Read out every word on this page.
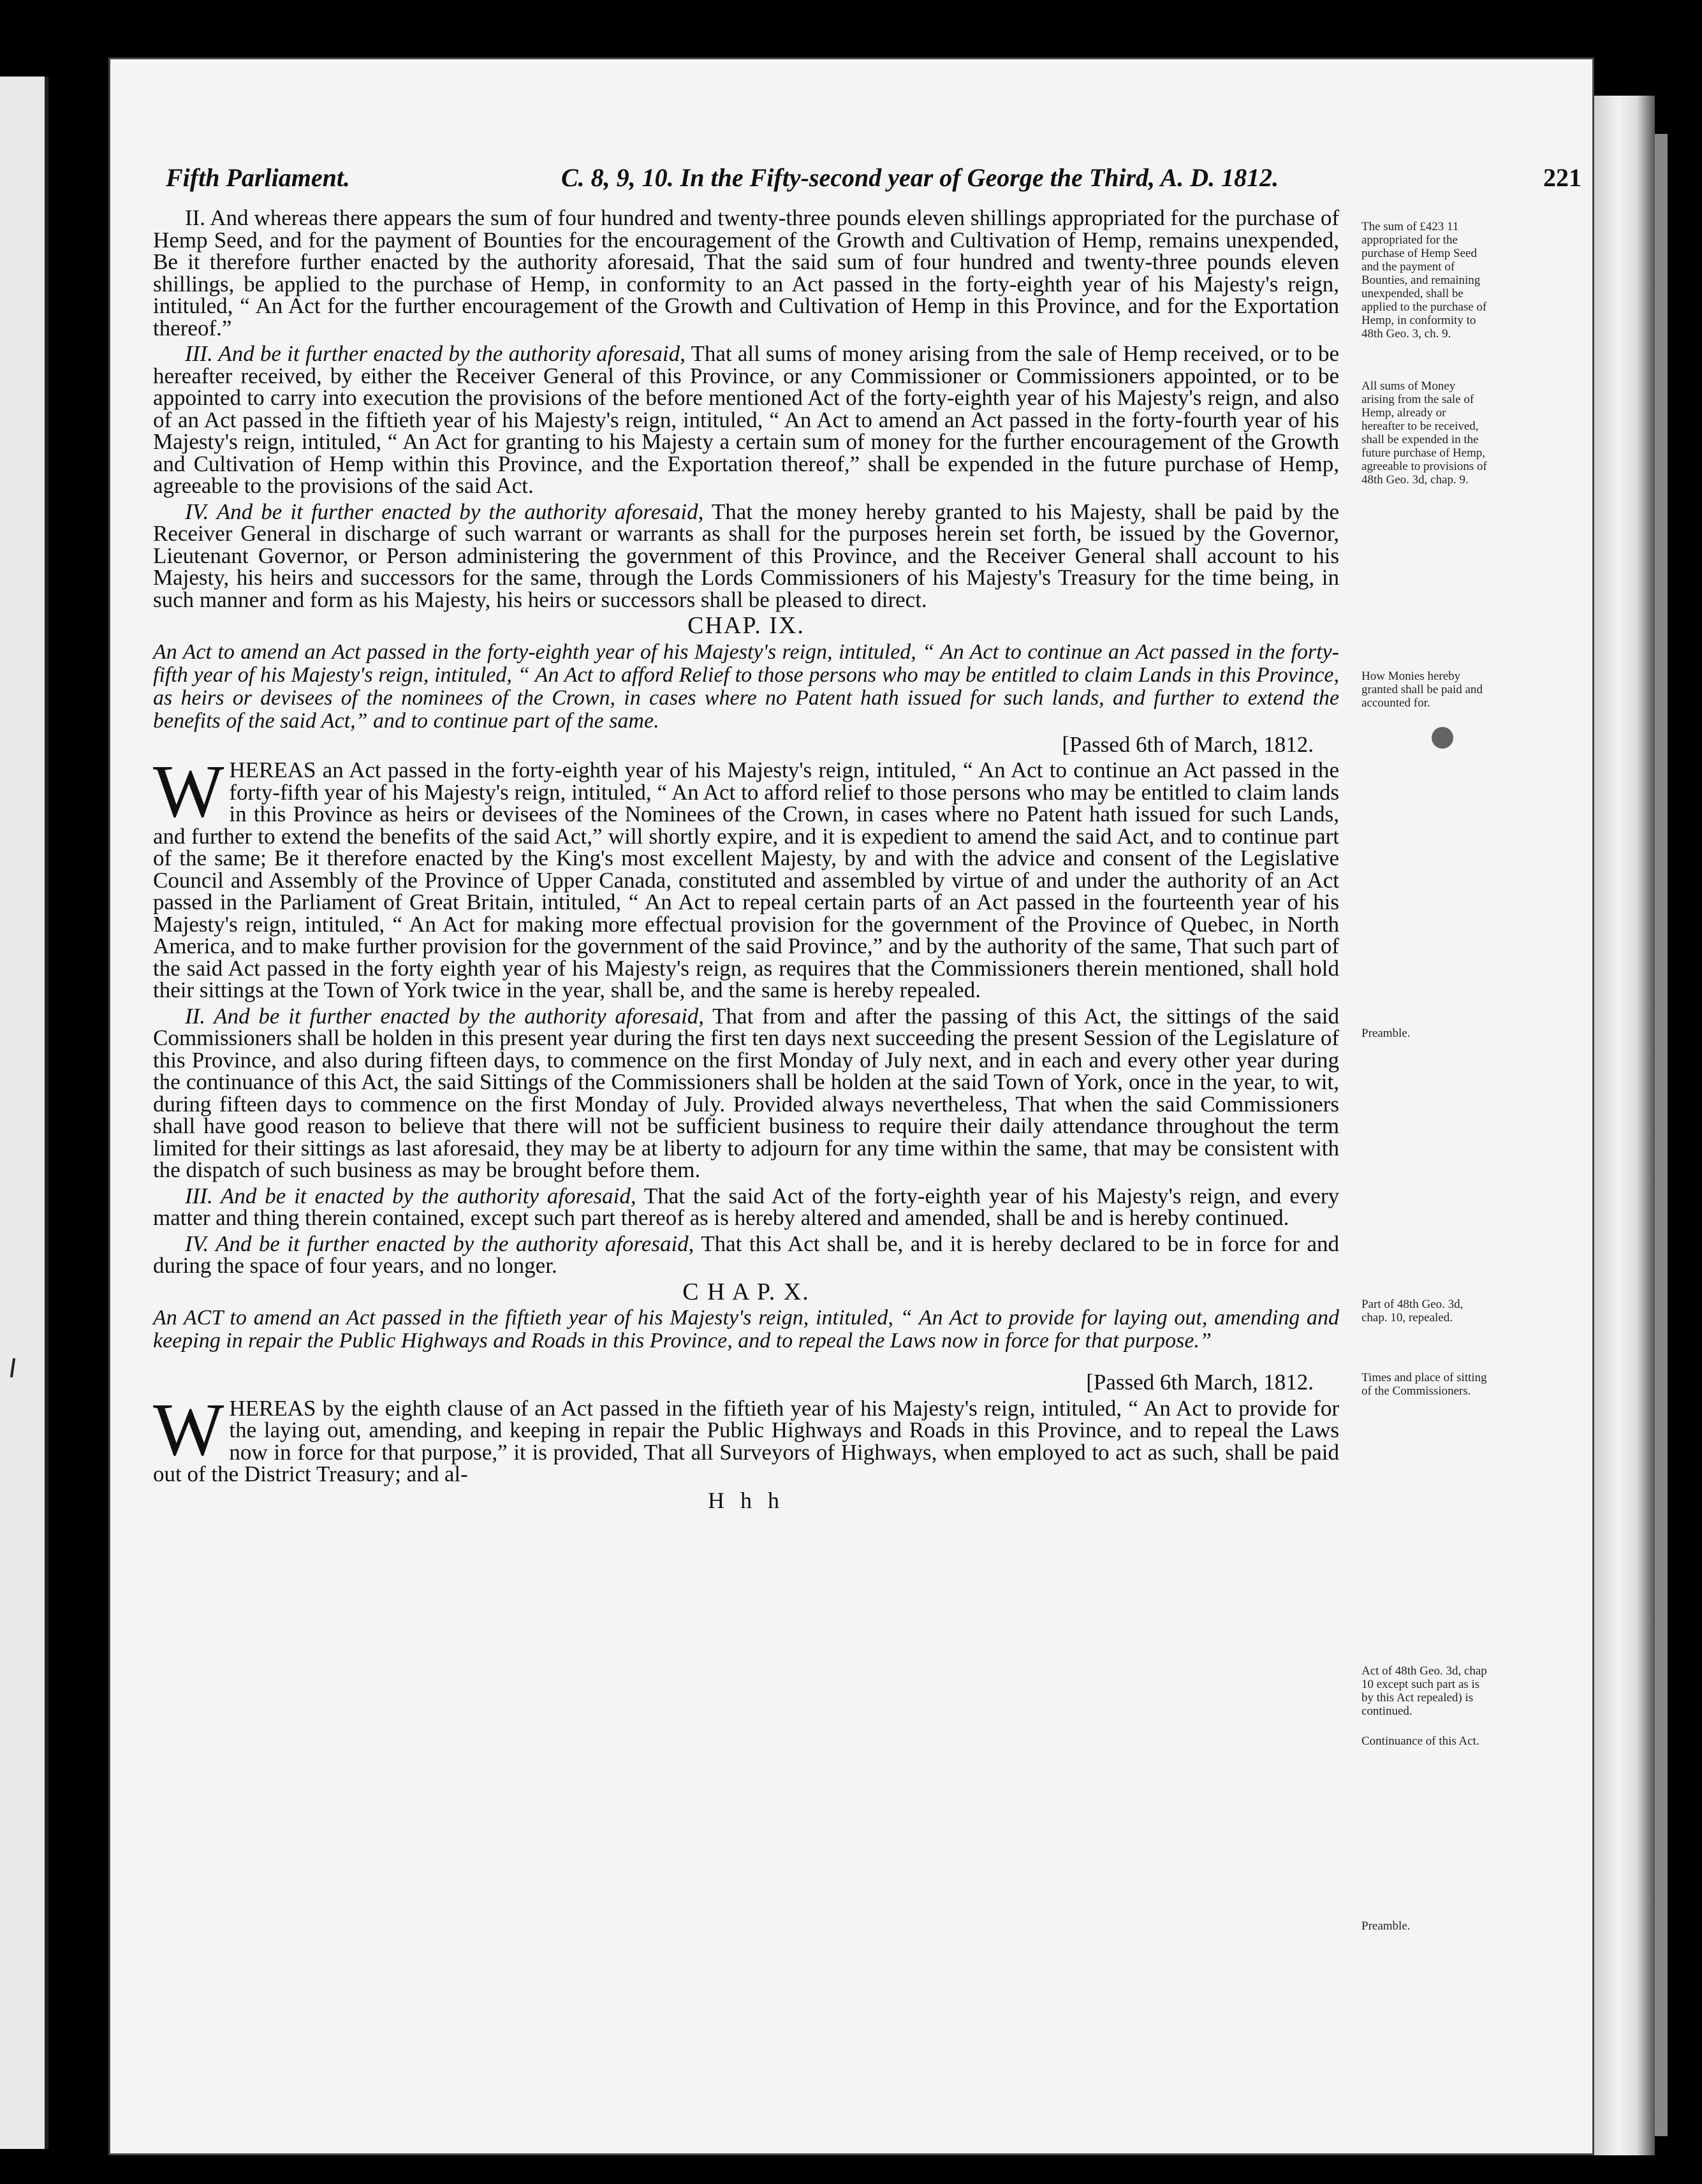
Fifth Parliament.	C. 8, 9, 10. In the Fifty-second year of George the Third, A. D. 1812.	221

II. And whereas there appears the sum of four hundred and twenty-three pounds eleven shillings appropriated for the purchase of Hemp Seed, and for the payment of Bounties for the encouragement of the Growth and Cultivation of Hemp, remains unexpended, Be it therefore further enacted by the authority aforesaid, That the said sum of four hundred and twenty-three pounds eleven shillings, be applied to the purchase of Hemp, in conformity to an Act passed in the forty-eighth year of his Majesty's reign, intituled, “ An Act for the further encouragement of the Growth and Cultivation of Hemp in this Province, and for the Exportation thereof.”

III. And be it further enacted by the authority aforesaid, That all sums of money arising from the sale of Hemp received, or to be hereafter received, by either the Receiver General of this Province, or any Commissioner or Commissioners appointed, or to be appointed to carry into execution the provisions of the before mentioned Act of the forty-eighth year of his Majesty's reign, and also of an Act passed in the fiftieth year of his Majesty's reign, intituled, “ An Act to amend an Act passed in the forty-fourth year of his Majesty's reign, intituled, “ An Act for granting to his Majesty a certain sum of money for the further encouragement of the Growth and Cultivation of Hemp within this Province, and the Exportation thereof,” shall be expended in the future purchase of Hemp, agreeable to the provisions of the said Act.

IV. And be it further enacted by the authority aforesaid, That the money hereby granted to his Majesty, shall be paid by the Receiver General in discharge of such warrant or warrants as shall for the purposes herein set forth, be issued by the Governor, Lieutenant Governor, or Person administering the government of this Province, and the Receiver General shall account to his Majesty, his heirs and successors for the same, through the Lords Commissioners of his Majesty's Treasury for the time being, in such manner and form as his Majesty, his heirs or successors shall be pleased to direct.

CHAP. IX.
An Act to amend an Act passed in the forty-eighth year of his Majesty's reign, intituled, “ An Act to continue an Act passed in the forty-fifth year of his Majesty's reign, intituled, “ An Act to afford Relief to those persons who may be entitled to claim Lands in this Province, as heirs or devisees of the nominees of the Crown, in cases where no Patent hath issued for such lands, and further to extend the benefits of the said Act,” and to continue part of the same.
[Passed 6th of March, 1812.

WHEREAS an Act passed in the forty-eighth year of his Majesty's reign, intituled, “ An Act to continue an Act passed in the forty-fifth year of his Majesty's reign, intituled, “ An Act to afford relief to those persons who may be entitled to claim lands in this Province as heirs or devisees of the Nominees of the Crown, in cases where no Patent hath issued for such Lands, and further to extend the benefits of the said Act,” will shortly expire, and it is expedient to amend the said Act, and to continue part of the same; Be it therefore enacted by the King's most excellent Majesty, by and with the advice and consent of the Legislative Council and Assembly of the Province of Upper Canada, constituted and assembled by virtue of and under the authority of an Act passed in the Parliament of Great Britain, intituled, “ An Act to repeal certain parts of an Act passed in the fourteenth year of his Majesty's reign, intituled, “ An Act for making more effectual provision for the government of the Province of Quebec, in North America, and to make further provision for the government of the said Province,” and by the authority of the same, That such part of the said Act passed in the forty eighth year of his Majesty's reign, as requires that the Commissioners therein mentioned, shall hold their sittings at the Town of York twice in the year, shall be, and the same is hereby repealed.

II. And be it further enacted by the authority aforesaid, That from and after the passing of this Act, the sittings of the said Commissioners shall be holden in this present year during the first ten days next succeeding the present Session of the Legislature of this Province, and also during fifteen days, to commence on the first Monday of July next, and in each and every other year during the continuance of this Act, the said Sittings of the Commissioners shall be holden at the said Town of York, once in the year, to wit, during fifteen days to commence on the first Monday of July. Provided always nevertheless, That when the said Commissioners shall have good reason to believe that there will not be sufficient business to require their daily attendance throughout the term limited for their sittings as last aforesaid, they may be at liberty to adjourn for any time within the same, that may be consistent with the dispatch of such business as may be brought before them.

III. And be it enacted by the authority aforesaid, That the said Act of the forty-eighth year of his Majesty's reign, and every matter and thing therein contained, except such part thereof as is hereby altered and amended, shall be and is hereby continued.

IV. And be it further enacted by the authority aforesaid, That this Act shall be, and it is hereby declared to be in force for and during the space of four years, and no longer.

C H A P. X.
An ACT to amend an Act passed in the fiftieth year of his Majesty's reign, intituled, “ An Act to provide for laying out, amending and keeping in repair the Public Highways and Roads in this Province, and to repeal the Laws now in force for that purpose.”
[Passed 6th March, 1812.

WHEREAS by the eighth clause of an Act passed in the fiftieth year of his Majesty's reign, intituled, “ An Act to provide for the laying out, amending, and keeping in repair the Public Highways and Roads in this Province, and to repeal the Laws now in force for that purpose,” it is provided, That all Surveyors of Highways, when employed to act as such, shall be paid out of the District Treasury; and al-

H h h
The sum of £423 11 appropriated for the purchase of Hemp Seed and the payment of Bounties, and remaining unexpended, shall be applied to the purchase of Hemp, in conformity to 48th Geo. 3, ch. 9.
All sums of Money arising from the sale of Hemp, already or hereafter to be received, shall be expended in the future purchase of Hemp, agreeable to provisions of 48th Geo. 3d, chap. 9.
How Monies hereby granted shall be paid and accounted for.
Preamble.
Part of 48th Geo. 3d, chap. 10, repealed.
Times and place of sitting of the Commissioners.
Act of 48th Geo. 3d, chap 10 except such part as is by this Act repealed) is continued.
Continuance of this Act.
Preamble.
